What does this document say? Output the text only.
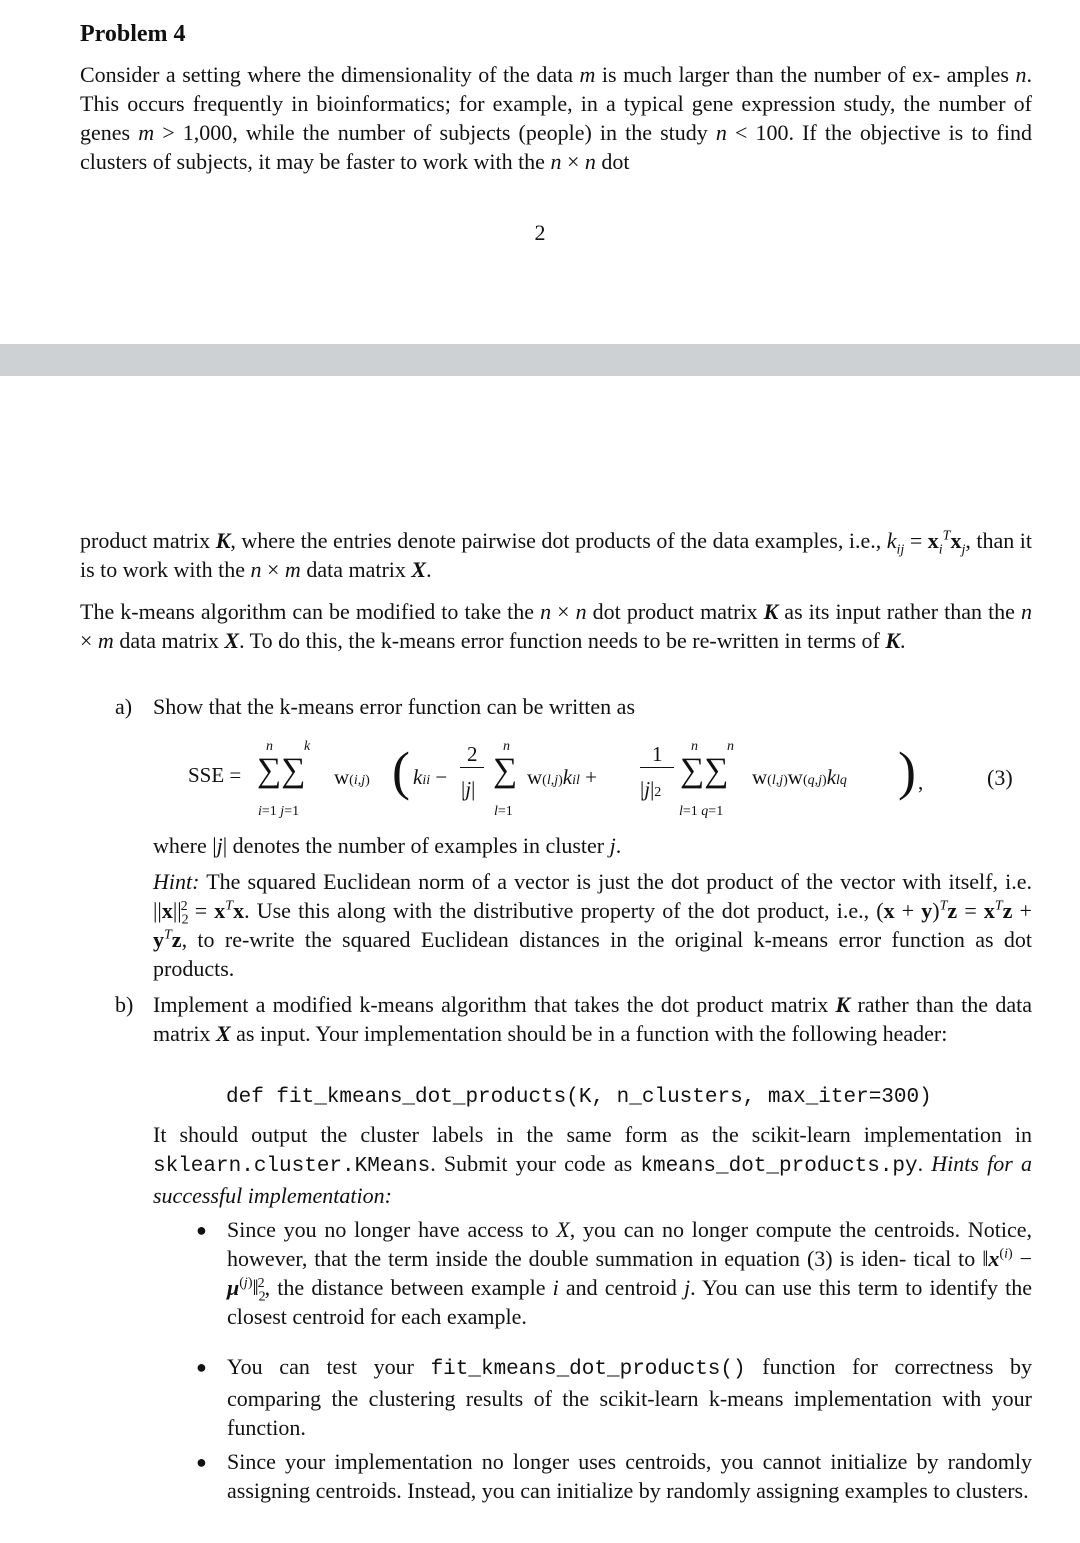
Problem 4

Consider a setting where the dimensionality of the data m is much larger than the number of ex- amples n. This occurs frequently in bioinformatics; for example, in a typical gene expression study, the number of genes m > 1,000, while the number of subjects (people) in the study n < 100. If the objective is to find clusters of subjects, it may be faster to work with the n × n dot

2

product matrix K, where the entries denote pairwise dot products of the data examples, i.e., $k_{ij} = x_i^Tx_j$, than it is to work with the n × m data matrix X.

The k-means algorithm can be modified to take the n × n dot product matrix K as its input rather than the n × m data matrix X. To do this, the k-means error function needs to be re-written in terms of K.

a) Show that the k-means error function can be written as
SSE =
n k
∑∑
i=1 j=1
w(i,j) ( kii −
2
|j|
n
∑
l=1
w(l,j)kil +
1
|j|2
n n
∑∑
l=1 q=1
w(l,j)w(q,j)klq ) ,	(3)

where |j| denotes the number of examples in cluster j.

Hint: The squared Euclidean norm of a vector is just the dot product of the vector with itself, i.e. $||x||_2^2 = x^Tx$. Use this along with the distributive property of the dot product, i.e., $(x + y)^Tz = x^Tz + y^Tz$, to re-write the squared Euclidean distances in the original k-means error function as dot products.

b) Implement a modified k-means algorithm that takes the dot product matrix K rather than the data matrix X as input. Your implementation should be in a function with the following header:

def fit_kmeans_dot_products(K, n_clusters, max_iter=300)

It should output the cluster labels in the same form as the scikit-learn implementation in sklearn.cluster.KMeans. Submit your code as kmeans_dot_products.py. Hints for a successful implementation:

● Since you no longer have access to X, you can no longer compute the centroids. Notice, however, that the term inside the double summation in equation (3) is iden- tical to $‖x^{(i)}$ − $\mu^{(j)}‖_2^2$, the distance between example i and centroid j. You can use this term to identify the closest centroid for each example.

● You can test your fit_kmeans_dot_products() function for correctness by comparing the clustering results of the scikit-learn k-means implementation with your function.

● Since your implementation no longer uses centroids, you cannot initialize by randomly assigning centroids. Instead, you can initialize by randomly assigning examples to clusters.
